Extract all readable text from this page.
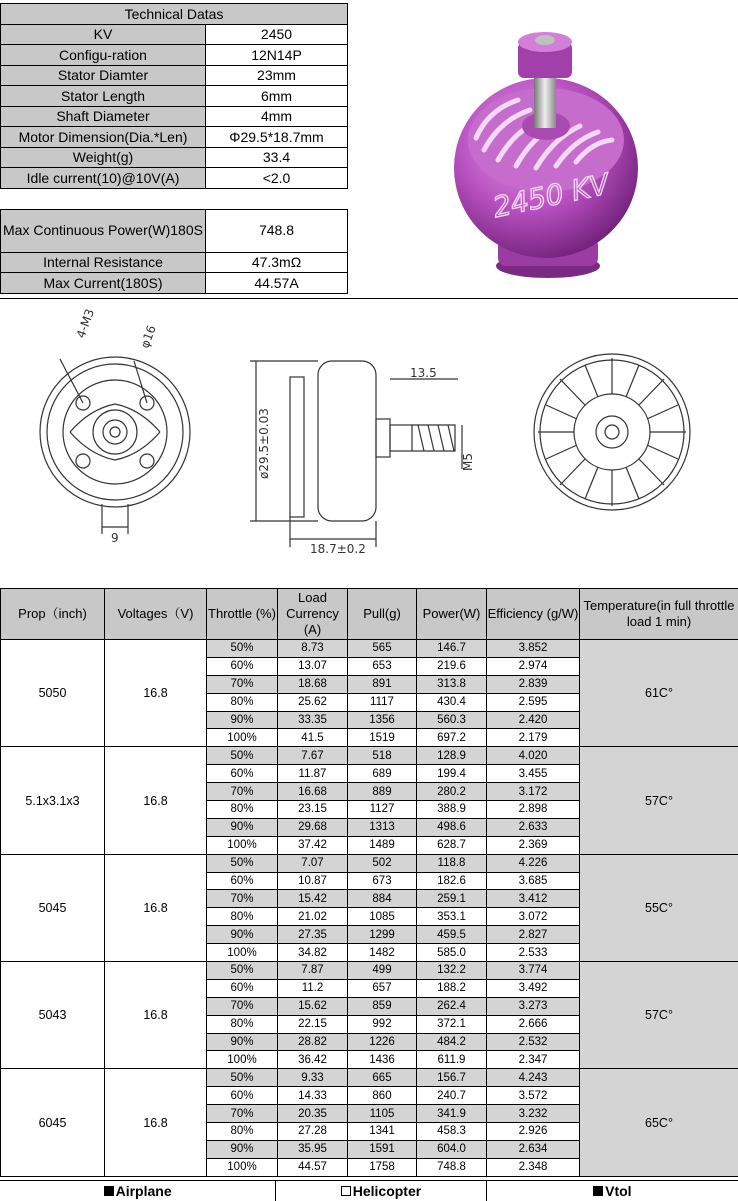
Technical Datas	
KV	2450
Configu-ration	12N14P
Stator Diamter	23mm
Stator Length	6mm
Shaft Diameter	4mm
Motor Dimension(Dia.*Len)	Φ29.5*18.7mm
Weight(g)	33.4
Idle current(10)@10V(A)	<2.0

Max Continuous Power(W)180S	748.8
Internal Resistance	47.3mΩ
Max Current(180S)	44.57A
2450 KV
4-M3	φ16
9
ø29.5±0.03
13.5
M5
18.7±0.2
Prop（inch)	Voltages（V)	Throttle (%)	Load Currency (A)	Pull(g)	Power(W)	Efficiency (g/W)	Temperature(in full throttle load 1 min)
5050	16.8	50%	8.73	565	146.7	3.852	61C°
		60%	13.07	653	219.6	2.974	
		70%	18.68	891	313.8	2.839	
		80%	25.62	1117	430.4	2.595	
		90%	33.35	1356	560.3	2.420	
		100%	41.5	1519	697.2	2.179	
5.1x3.1x3	16.8	50%	7.67	518	128.9	4.020	57C°
		60%	11.87	689	199.4	3.455	
		70%	16.68	889	280.2	3.172	
		80%	23.15	1127	388.9	2.898	
		90%	29.68	1313	498.6	2.633	
		100%	37.42	1489	628.7	2.369	
5045	16.8	50%	7.07	502	118.8	4.226	55C°
		60%	10.87	673	182.6	3.685	
		70%	15.42	884	259.1	3.412	
		80%	21.02	1085	353.1	3.072	
		90%	27.35	1299	459.5	2.827	
		100%	34.82	1482	585.0	2.533	
5043	16.8	50%	7.87	499	132.2	3.774	57C°
		60%	11.2	657	188.2	3.492	
		70%	15.62	859	262.4	3.273	
		80%	22.15	992	372.1	2.666	
		90%	28.82	1226	484.2	2.532	
		100%	36.42	1436	611.9	2.347	
6045	16.8	50%	9.33	665	156.7	4.243	65C°
		60%	14.33	860	240.7	3.572	
		70%	20.35	1105	341.9	3.232	
		80%	27.28	1341	458.3	2.926	
		90%	35.95	1591	604.0	2.634	
		100%	44.57	1758	748.8	2.348	
Airplane	Helicopter	Vtol
